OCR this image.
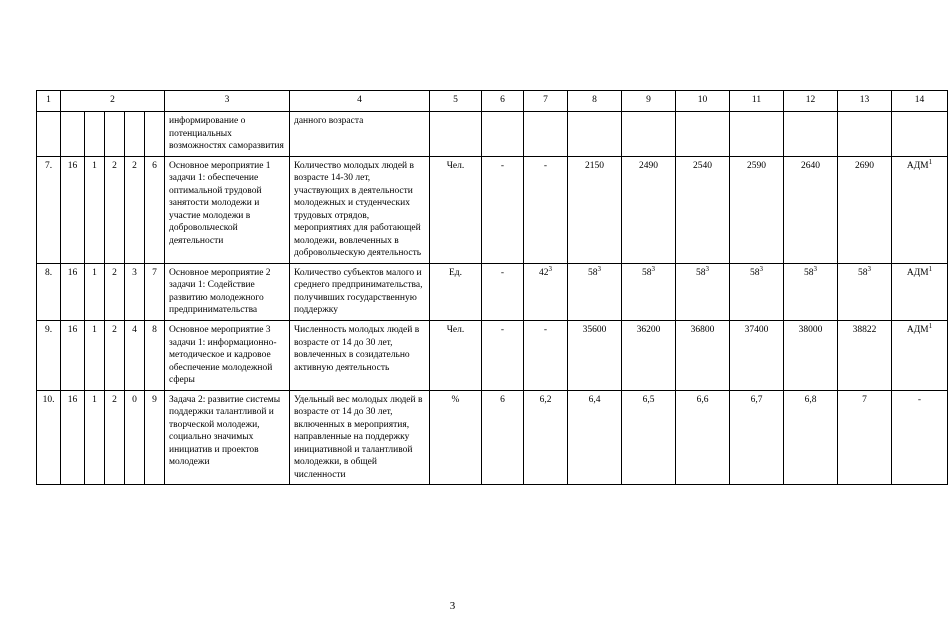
1	2					3	4	5	6	7	8	9	10	11	12	13	14
						информирование о потенциальных возможностях саморазвития	данного возраста										
7.	16	1	2	2	6	Основное мероприятие 1 задачи 1: обеспечение оптимальной трудовой занятости молодежи и участие молодежи в добровольческой деятельности	Количество молодых людей в возрасте 14-30 лет, участвующих в деятельности молодежных и студенческих трудовых отрядов, мероприятиях для работающей молодежи, вовлеченных в добровольческую деятельность	Чел.	-	-	2150	2490	2540	2590	2640	2690	АДМ$^1$
8.	16	1	2	3	7	Основное мероприятие 2 задачи 1: Содействие развитию молодежного предпринимательства	Количество субъектов малого и среднего предпринимательства, получивших государственную поддержку	Ед.	-	$42^3$	$58^3$	$58^3$	$58^3$	$58^3$	$58^3$	$58^3$	АДМ$^1$
9.	16	1	2	4	8	Основное мероприятие 3 задачи 1: информационно-методическое и кадровое обеспечение молодежной сферы	Численность молодых людей в возрасте от 14 до 30 лет, вовлеченных в созидательно активную деятельность	Чел.	-	-	35600	36200	36800	37400	38000	38822	АДМ$^1$
10.	16	1	2	0	9	Задача 2: развитие системы поддержки талантливой и творческой молодежи, социально значимых инициатив и проектов молодежи	Удельный вес молодых людей в возрасте от 14 до 30 лет, включенных в мероприятия, направленные на поддержку инициативной и талантливой молодежки, в общей численности	%	6	6,2	6,4	6,5	6,6	6,7	6,8	7	-
3
